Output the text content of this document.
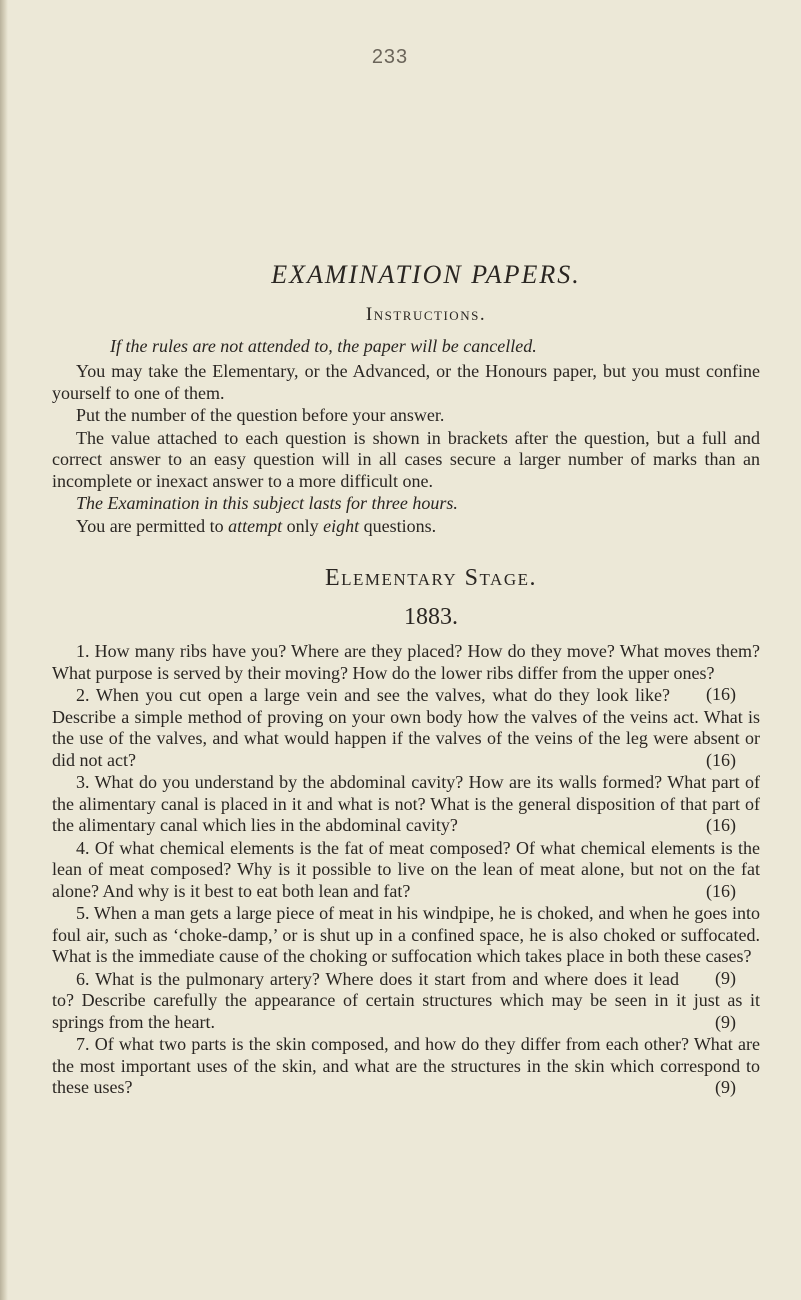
233
EXAMINATION PAPERS.
Instructions.

If the rules are not attended to, the paper will be cancelled.

You may take the Elementary, or the Advanced, or the Honours paper, but you must confine yourself to one of them.

Put the number of the question before your answer.

The value attached to each question is shown in brackets after the question, but a full and correct answer to an easy question will in all cases secure a larger number of marks than an incomplete or inexact answer to a more difficult one.

The Examination in this subject lasts for three hours.

You are permitted to attempt only eight questions.

Elementary Stage.
1883.

1. How many ribs have you? Where are they placed? How do they move? What moves them? What purpose is served by their moving? How do the lower ribs differ from the upper ones?
(16)

2. When you cut open a large vein and see the valves, what do they look like? Describe a simple method of proving on your own body how the valves of the veins act. What is the use of the valves, and what would happen if the valves of the veins of the leg were absent or did not act?	(16)

3. What do you understand by the abdominal cavity? How are its walls formed? What part of the alimentary canal is placed in it and what is not? What is the general disposition of that part of the alimentary canal which lies in the abdominal cavity?	(16)

4. Of what chemical elements is the fat of meat composed? Of what chemical elements is the lean of meat composed? Why is it possible to live on the lean of meat alone, but not on the fat alone? And why is it best to eat both lean and fat?	(16)

5. When a man gets a large piece of meat in his windpipe, he is choked, and when he goes into foul air, such as ‘choke-damp,’ or is shut up in a confined space, he is also choked or suffocated. What is the immediate cause of the choking or suffocation which takes place in both these cases?
(9)

6. What is the pulmonary artery? Where does it start from and where does it lead to? Describe carefully the appearance of certain structures which may be seen in it just as it springs from the heart.	(9)

7. Of what two parts is the skin composed, and how do they differ from each other? What are the most important uses of the skin, and what are the structures in the skin which correspond to these uses?	(9)
